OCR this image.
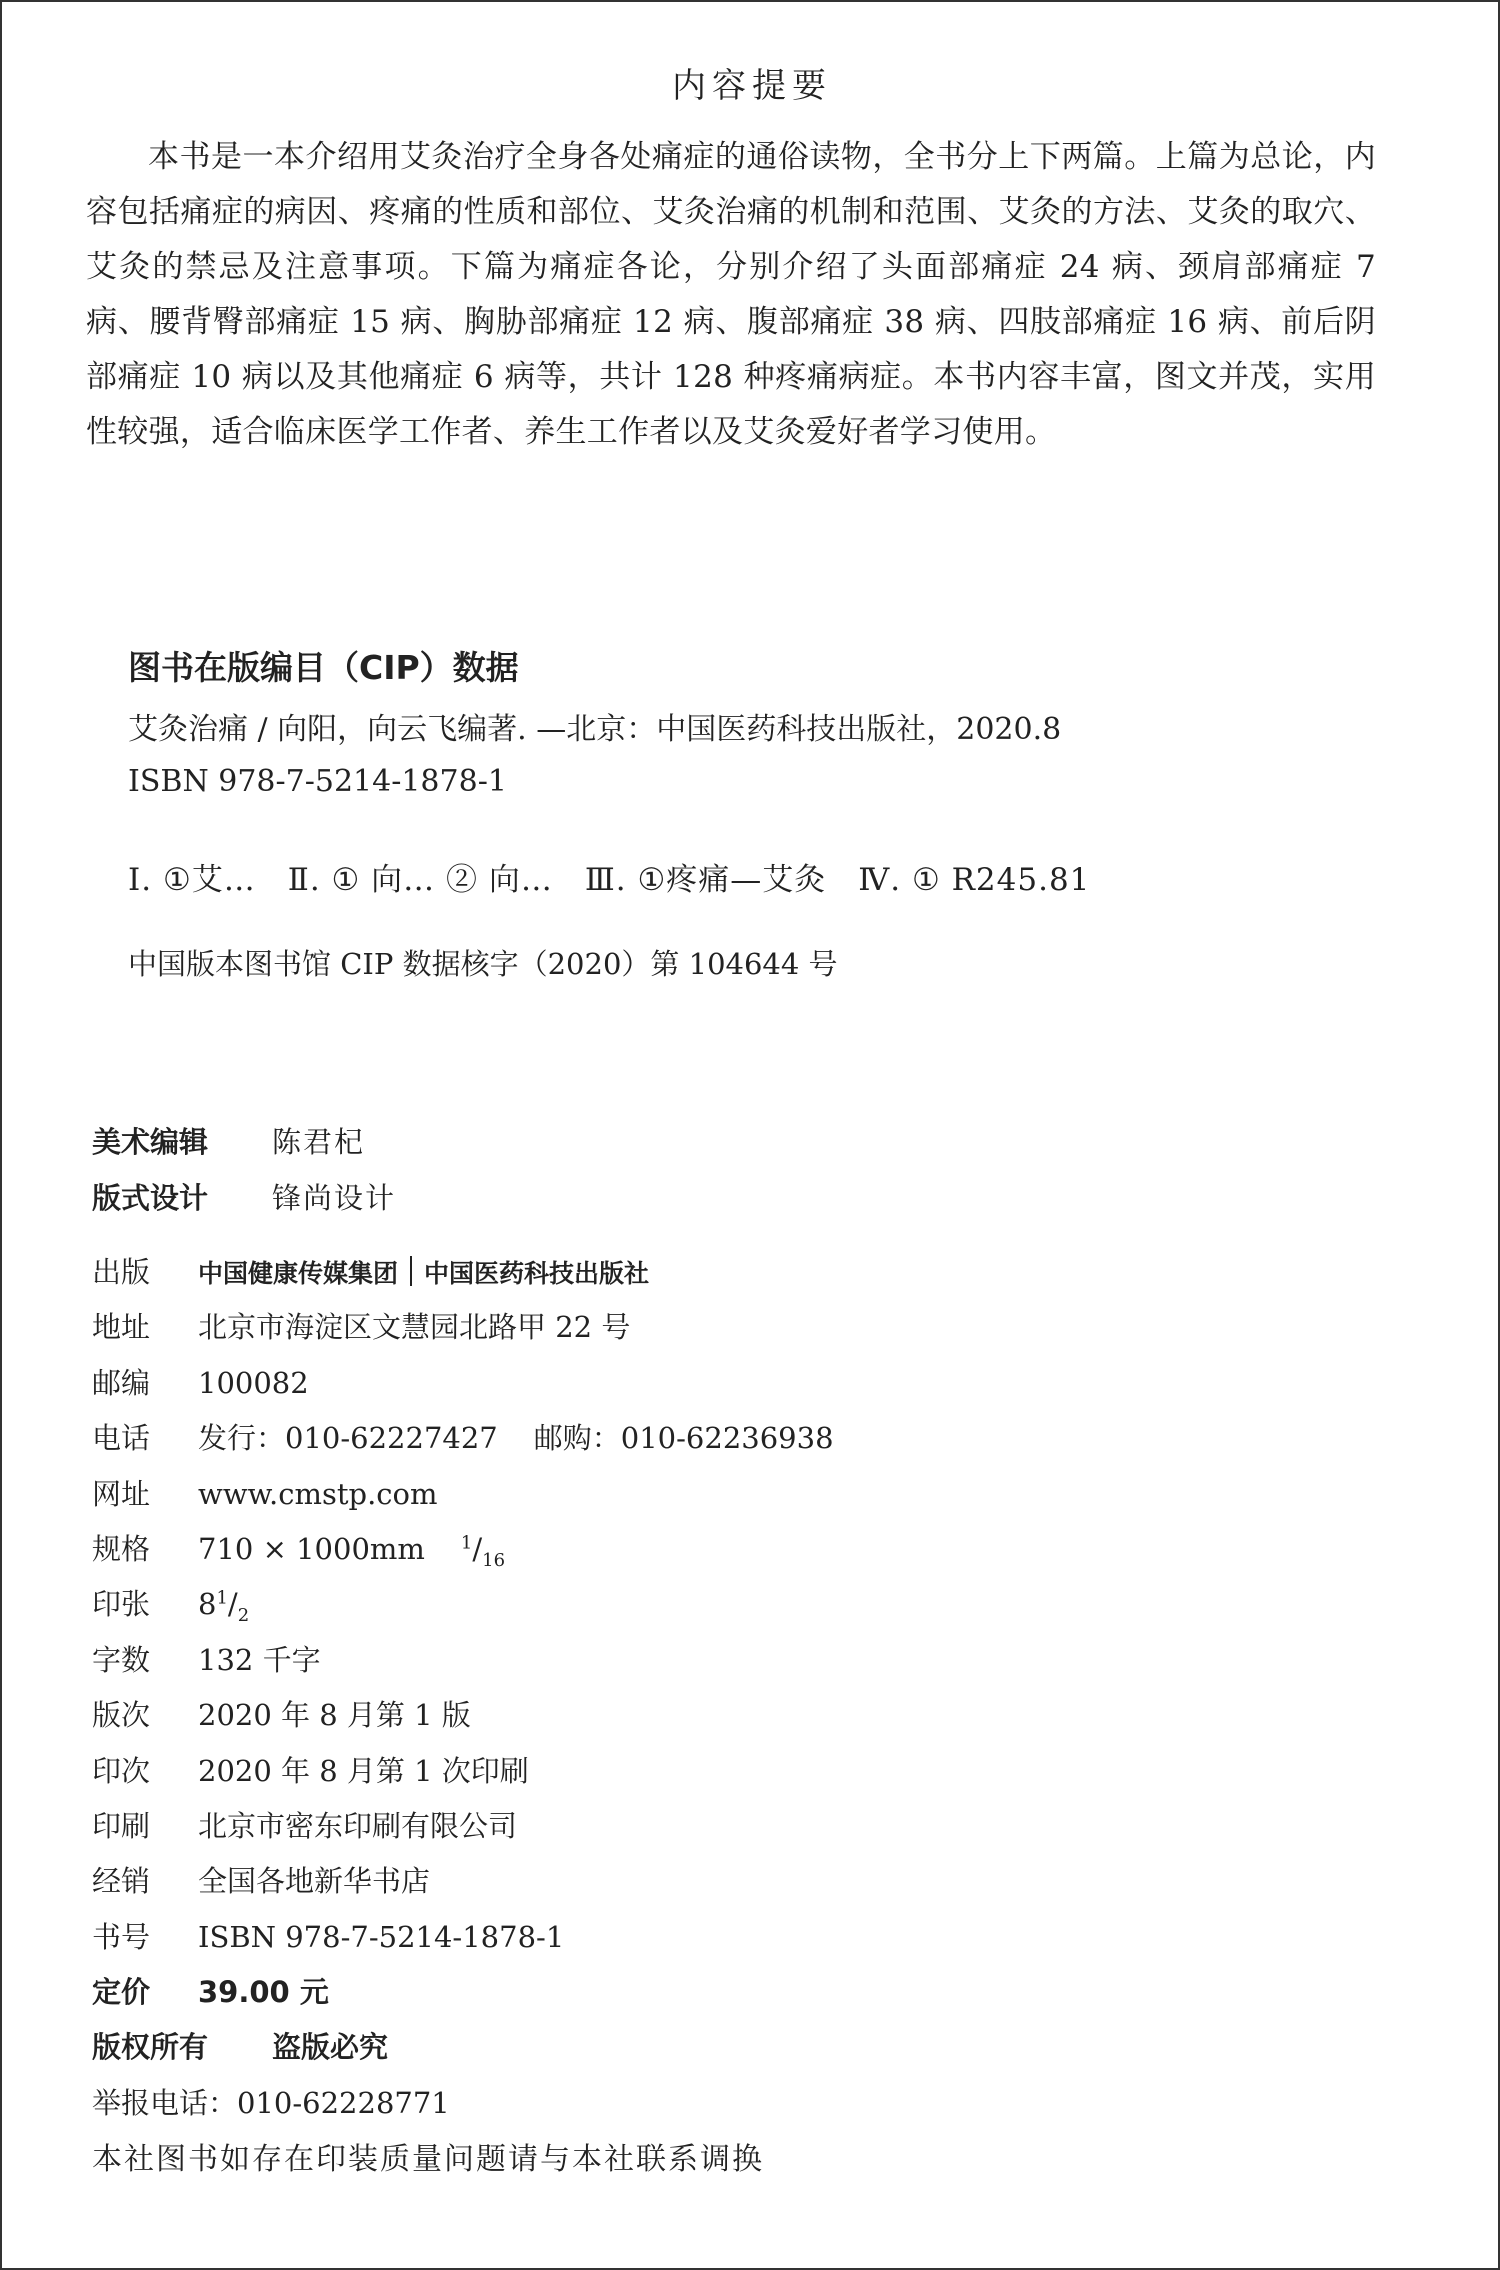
内容提要

本书是一本介绍用艾灸治疗全身各处痛症的通俗读物，全书分上下两篇。上篇为总论，内容包括痛症的病因、疼痛的性质和部位、艾灸治痛的机制和范围、艾灸的方法、艾灸的取穴、艾灸的禁忌及注意事项。下篇为痛症各论，分别介绍了头面部痛症 24 病、颈肩部痛症 7 病、腰背臀部痛症 15 病、胸胁部痛症 12 病、腹部痛症 38 病、四肢部痛症 16 病、前后阴部痛症 10 病以及其他痛症 6 病等，共计 128 种疼痛病症。本书内容丰富，图文并茂，实用性较强，适合临床医学工作者、养生工作者以及艾灸爱好者学习使用。

图书在版编目（CIP）数据

艾灸治痛 / 向阳，向云飞编著. —北京：中国医药科技出版社，2020.8

ISBN 978-7-5214-1878-1

Ⅰ. ①艾…　Ⅱ. ① 向… ② 向…　Ⅲ. ①疼痛—艾灸　Ⅳ. ① R245.81

中国版本图书馆 CIP 数据核字（2020）第 104644 号

美术编辑 陈君杞

版式设计 锋尚设计

出版 中国健康传媒集团 中国医药科技出版社
地址 北京市海淀区文慧园北路甲 22 号
邮编 100082
电话 发行：010-62227427 邮购：010-62236938
网址 www.cmstp.com
规格 710 × 1000mm $^1/_{16}$
印张 $8^1/_2$
字数 132 千字
版次 2020 年 8 月第 1 版
印次 2020 年 8 月第 1 次印刷
印刷 北京市密东印刷有限公司
经销 全国各地新华书店
书号 ISBN 978-7-5214-1878-1
定价 39.00 元
版权所有 盗版必究
举报电话：010-62228771

本社图书如存在印装质量问题请与本社联系调换
